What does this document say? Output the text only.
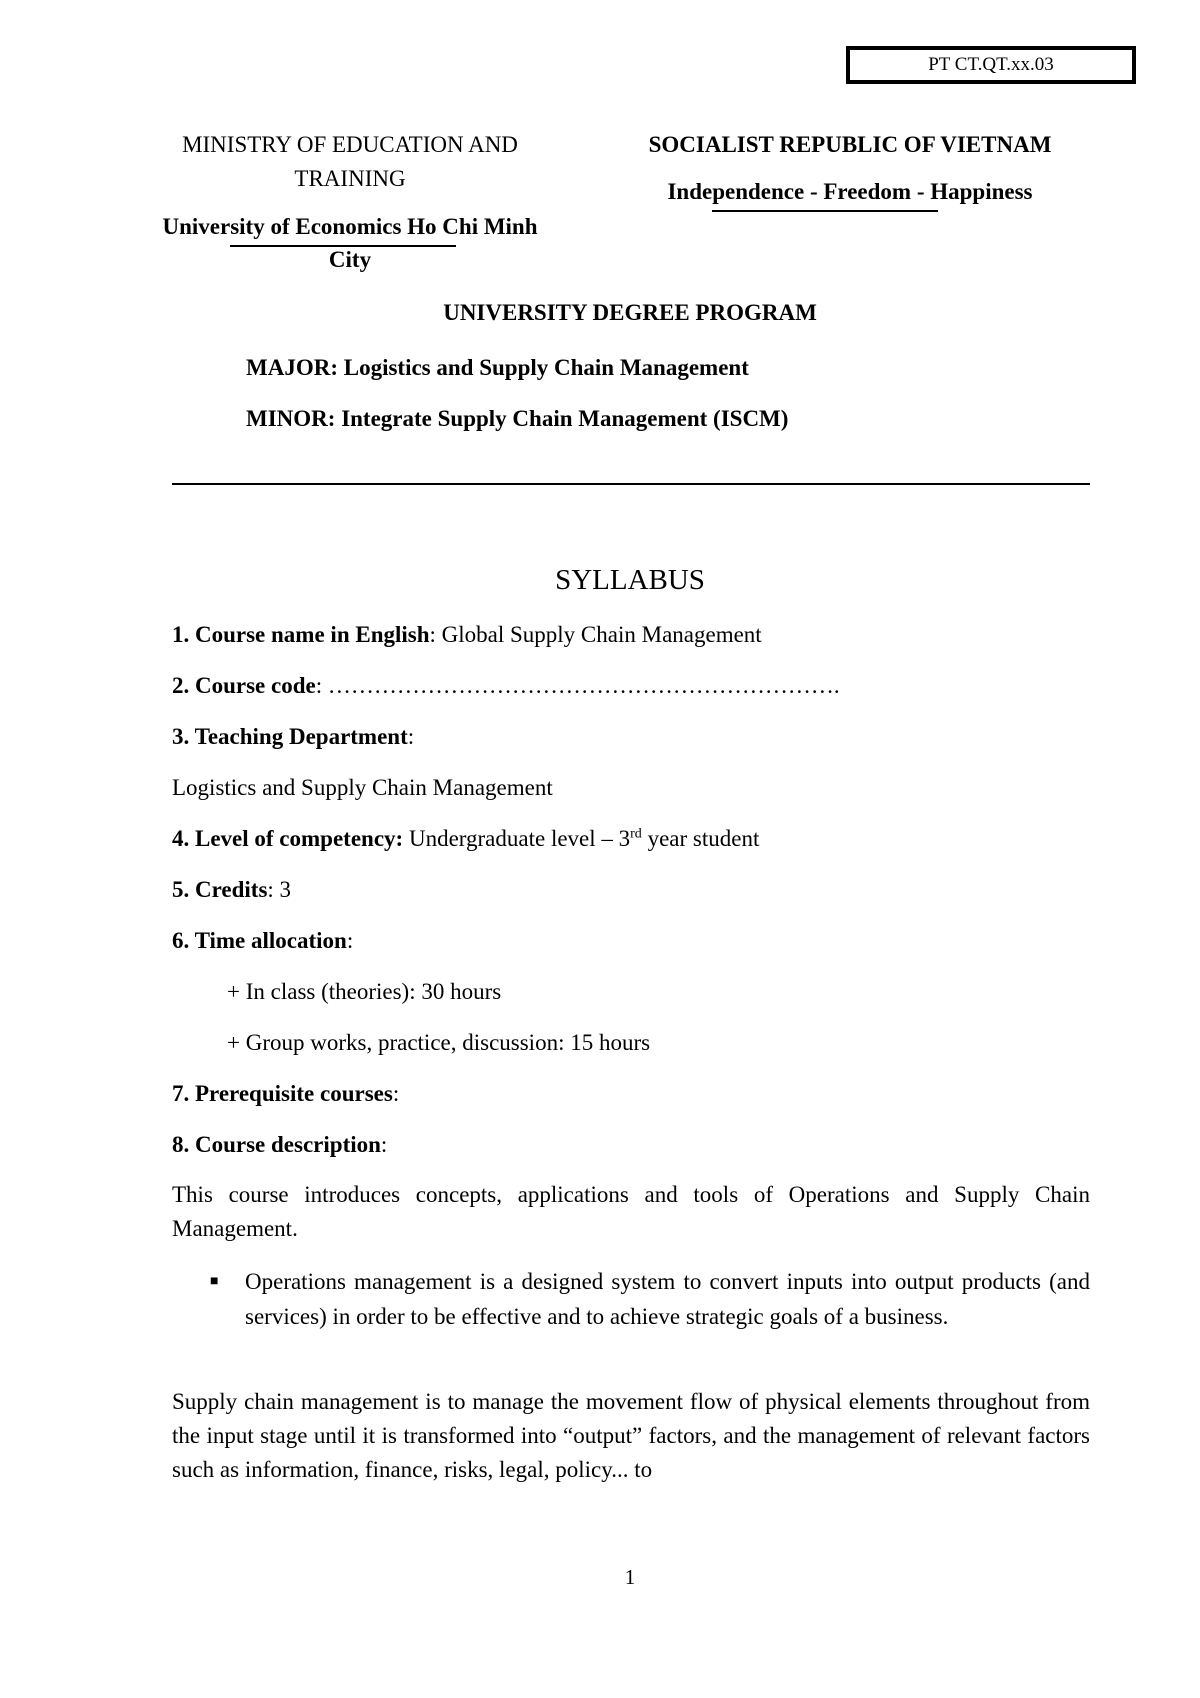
PT CT.QT.xx.03
MINISTRY OF EDUCATION AND TRAINING
University of Economics Ho Chi Minh City
SOCIALIST REPUBLIC OF VIETNAM
Independence - Freedom - Happiness
UNIVERSITY DEGREE PROGRAM
MAJOR: Logistics and Supply Chain Management
MINOR: Integrate Supply Chain Management (ISCM)
SYLLABUS
1. Course name in English: Global Supply Chain Management
2. Course code: ………………………………………………………….
3. Teaching Department:
Logistics and Supply Chain Management
4. Level of competency: Undergraduate level – 3rd year student
5. Credits: 3
6. Time allocation:
+ In class (theories): 30 hours
+ Group works, practice, discussion: 15 hours
7. Prerequisite courses:
8. Course description:
This course introduces concepts, applications and tools of Operations and Supply Chain Management.
■ Operations management is a designed system to convert inputs into output products (and services) in order to be effective and to achieve strategic goals of a business.
Supply chain management is to manage the movement flow of physical elements throughout from the input stage until it is transformed into “output” factors, and the management of relevant factors such as information, finance, risks, legal, policy... to
1
